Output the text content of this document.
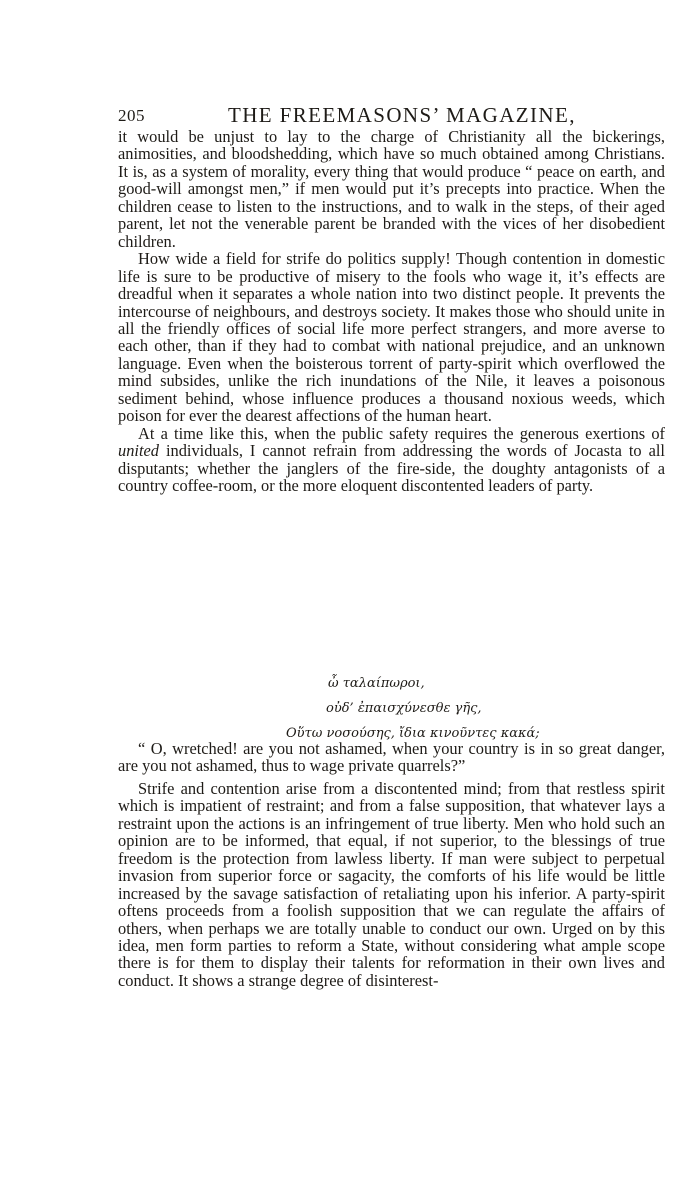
205	THE FREEMASONS’ MAGAZINE,

it would be unjust to lay to the charge of Christianity all the bickerings, animosities, and bloodshedding, which have so much obtained among Christians. It is, as a system of morality, every thing that would produce “ peace on earth, and good-will amongst men,” if men would put it’s precepts into practice. When the children cease to listen to the instructions, and to walk in the steps, of their aged parent, let not the venerable parent be branded with the vices of her disobedient children.

How wide a field for strife do politics supply! Though contention in domestic life is sure to be productive of misery to the fools who wage it, it’s effects are dreadful when it separates a whole nation into two distinct people. It prevents the intercourse of neighbours, and destroys society. It makes those who should unite in all the friendly offices of social life more perfect strangers, and more averse to each other, than if they had to combat with national prejudice, and an unknown language. Even when the boisterous torrent of party-spirit which overflowed the mind subsides, unlike the rich inundations of the Nile, it leaves a poisonous sediment behind, whose influence produces a thousand noxious weeds, which poison for ever the dearest affections of the human heart.

At a time like this, when the public safety requires the generous exertions of united individuals, I cannot refrain from addressing the words of Jocasta to all disputants; whether the janglers of the fire-side, the doughty antagonists of a country coffee-room, or the more eloquent discontented leaders of party.

ὦ ταλαίπωροι,
οὐδ’ ἐπαισχύνεσθε γῆς,
Οὕτω νοσούσης, ἴδια κινοῦντες κακά;

“ O, wretched! are you not ashamed, when your country is in so great danger, are you not ashamed, thus to wage private quarrels?”

Strife and contention arise from a discontented mind; from that restless spirit which is impatient of restraint; and from a false supposition, that whatever lays a restraint upon the actions is an infringement of true liberty. Men who hold such an opinion are to be informed, that equal, if not superior, to the blessings of true freedom is the protection from lawless liberty. If man were subject to perpetual invasion from superior force or sagacity, the comforts of his life would be little increased by the savage satisfaction of retaliating upon his inferior. A party-spirit oftens proceeds from a foolish supposition that we can regulate the affairs of others, when perhaps we are totally unable to conduct our own. Urged on by this idea, men form parties to reform a State, without considering what ample scope there is for them to display their talents for reformation in their own lives and conduct. It shows a strange degree of disinterest-
